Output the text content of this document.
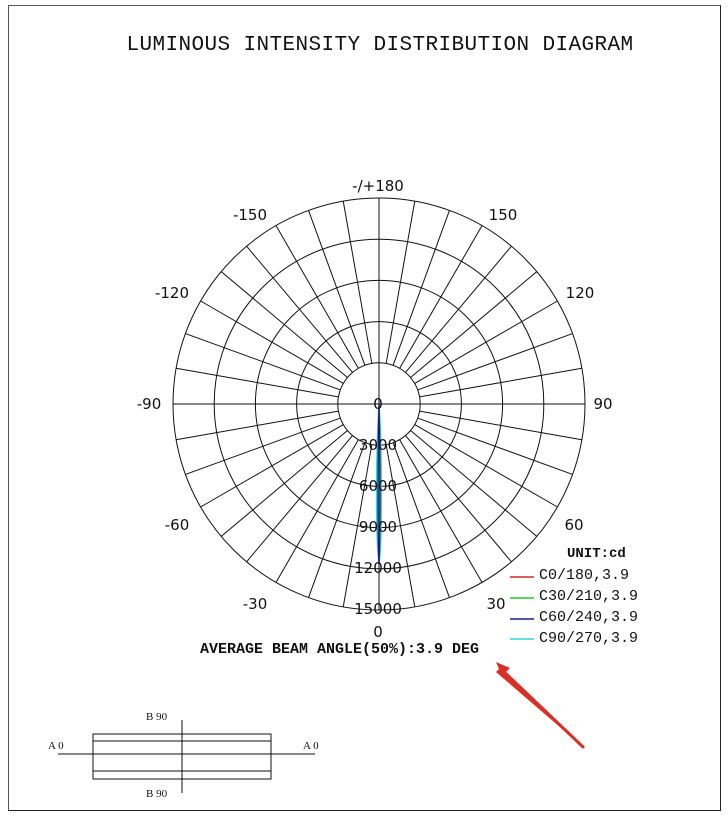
LUMINOUS INTENSITY DISTRIBUTION DIAGRAM
-/+180
150
-150
120
-120
90
-90
60
-60
30
-30
0
0
3000
6000
9000
12000
15000
UNIT:cd
C0/180,3.9
C30/210,3.9
C60/240,3.9
C90/270,3.9
AVERAGE BEAM ANGLE(50%):3.9 DEG
B 90
B 90
A 0	A 0
